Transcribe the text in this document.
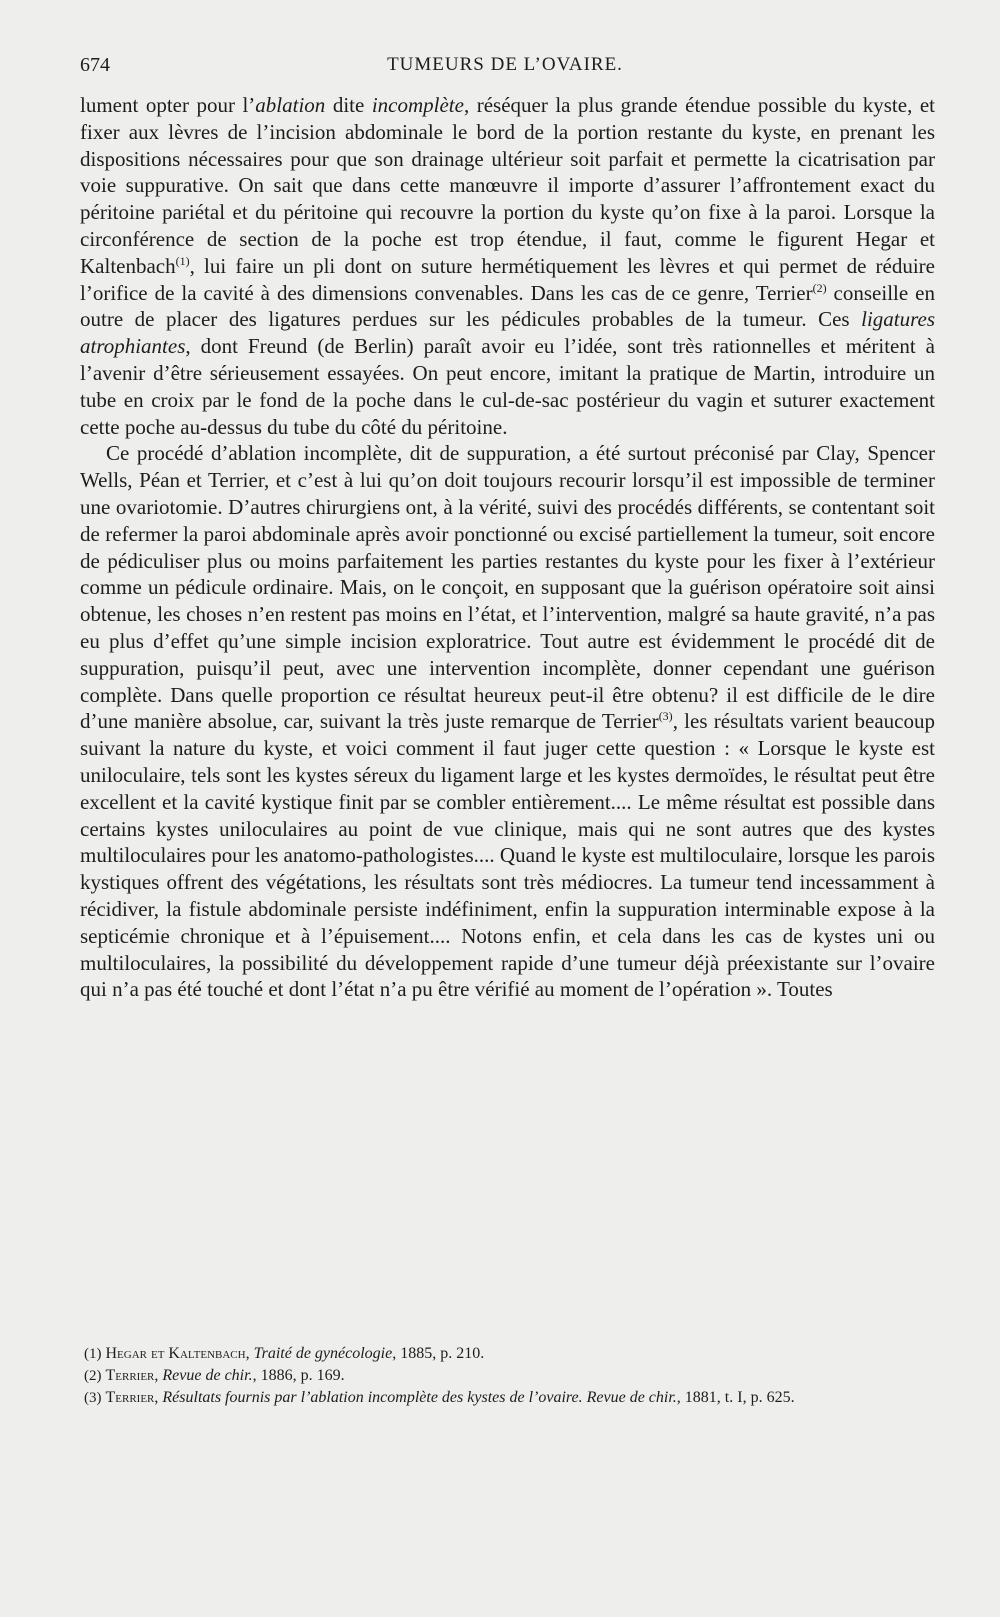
674	TUMEURS DE L’OVAIRE.

lument opter pour l’ablation dite incomplète, réséquer la plus grande étendue possible du kyste, et fixer aux lèvres de l’incision abdominale le bord de la portion restante du kyste, en prenant les dispositions nécessaires pour que son drainage ultérieur soit parfait et permette la cicatrisation par voie suppurative. On sait que dans cette manœuvre il importe d’assurer l’affrontement exact du péritoine pariétal et du péritoine qui recouvre la portion du kyste qu’on fixe à la paroi. Lorsque la circonférence de section de la poche est trop étendue, il faut, comme le figurent Hegar et Kaltenbach$^{(1)}$, lui faire un pli dont on suture hermétiquement les lèvres et qui permet de réduire l’orifice de la cavité à des dimensions convenables. Dans les cas de ce genre, Terrier$^{(2)}$ conseille en outre de placer des ligatures perdues sur les pédicules probables de la tumeur. Ces ligatures atrophiantes, dont Freund (de Berlin) paraît avoir eu l’idée, sont très rationnelles et méritent à l’avenir d’être sérieusement essayées. On peut encore, imitant la pratique de Martin, introduire un tube en croix par le fond de la poche dans le cul-de-sac postérieur du vagin et suturer exactement cette poche au-dessus du tube du côté du péritoine.

Ce procédé d’ablation incomplète, dit de suppuration, a été surtout préconisé par Clay, Spencer Wells, Péan et Terrier, et c’est à lui qu’on doit toujours recourir lorsqu’il est impossible de terminer une ovariotomie. D’autres chirurgiens ont, à la vérité, suivi des procédés différents, se contentant soit de refermer la paroi abdominale après avoir ponctionné ou excisé partiellement la tumeur, soit encore de pédiculiser plus ou moins parfaitement les parties restantes du kyste pour les fixer à l’extérieur comme un pédicule ordinaire. Mais, on le conçoit, en supposant que la guérison opératoire soit ainsi obtenue, les choses n’en restent pas moins en l’état, et l’intervention, malgré sa haute gravité, n’a pas eu plus d’effet qu’une simple incision exploratrice. Tout autre est évidemment le procédé dit de suppuration, puisqu’il peut, avec une intervention incomplète, donner cependant une guérison complète. Dans quelle proportion ce résultat heureux peut-il être obtenu? il est difficile de le dire d’une manière absolue, car, suivant la très juste remarque de Terrier$^{(3)}$, les résultats varient beaucoup suivant la nature du kyste, et voici comment il faut juger cette question : « Lorsque le kyste est uniloculaire, tels sont les kystes séreux du ligament large et les kystes dermoïdes, le résultat peut être excellent et la cavité kystique finit par se combler entièrement.... Le même résultat est possible dans certains kystes uniloculaires au point de vue clinique, mais qui ne sont autres que des kystes multiloculaires pour les anatomo-pathologistes.... Quand le kyste est multiloculaire, lorsque les parois kystiques offrent des végétations, les résultats sont très médiocres. La tumeur tend incessamment à récidiver, la fistule abdominale persiste indéfiniment, enfin la suppuration interminable expose à la septicémie chronique et à l’épuisement.... Notons enfin, et cela dans les cas de kystes uni ou multiloculaires, la possibilité du développement rapide d’une tumeur déjà préexistante sur l’ovaire qui n’a pas été touché et dont l’état n’a pu être vérifié au moment de l’opération ». Toutes

(1) Hegar et Kaltenbach, Traité de gynécologie, 1885, p. 210.

(2) Terrier, Revue de chir., 1886, p. 169.

(3) Terrier, Résultats fournis par l’ablation incomplète des kystes de l’ovaire. Revue de chir., 1881, t. I, p. 625.
